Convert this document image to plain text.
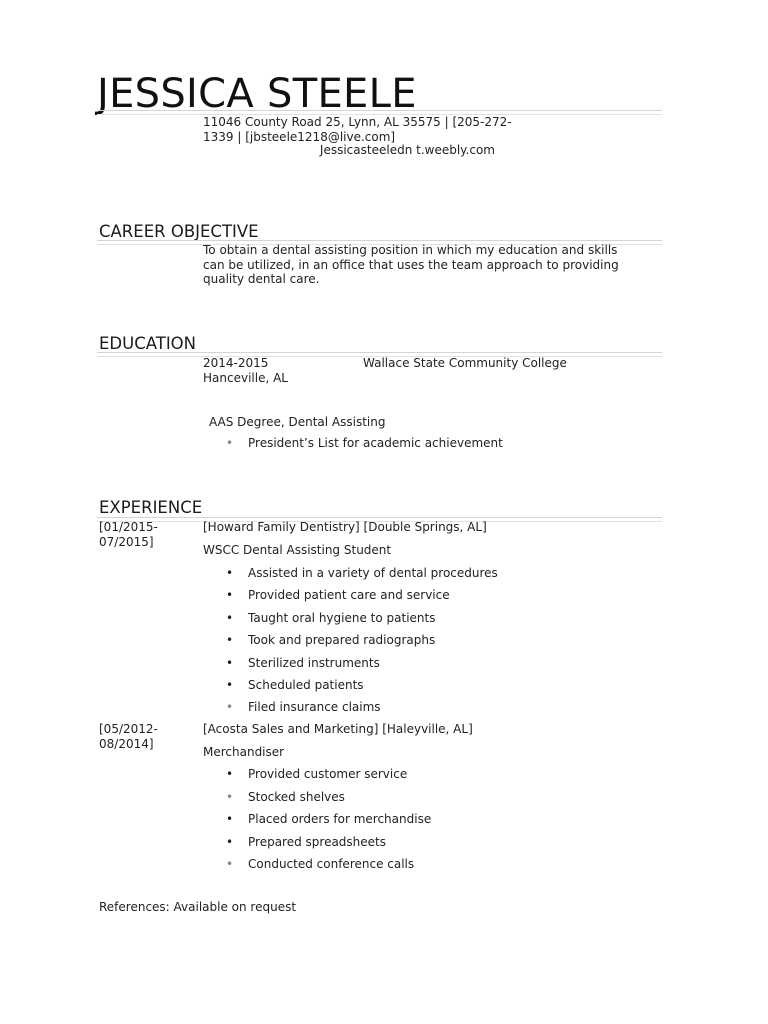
JESSICA STEELE
11046 County Road 25, Lynn, AL 35575 | [205-272-1339 | [jbsteele1218@live.com]
Jessicasteeledn t.weebly.com
CAREER OBJECTIVE
To obtain a dental assisting position in which my education and skills can be utilized, in an office that uses the team approach to providing quality dental care.
EDUCATION
2014-2015	Wallace State Community College
Hanceville, AL
AAS Degree, Dental Assisting
• President’s List for academic achievement
EXPERIENCE
[01/2015-
07/2015]
[Howard Family Dentistry] [Double Springs, AL]
WSCC Dental Assisting Student
• Assisted in a variety of dental procedures
• Provided patient care and service
• Taught oral hygiene to patients
• Took and prepared radiographs
• Sterilized instruments
• Scheduled patients
• Filed insurance claims
[05/2012-
08/2014]
[Acosta Sales and Marketing] [Haleyville, AL]
Merchandiser
• Provided customer service
• Stocked shelves
• Placed orders for merchandise
• Prepared spreadsheets
• Conducted conference calls
References: Available on request
